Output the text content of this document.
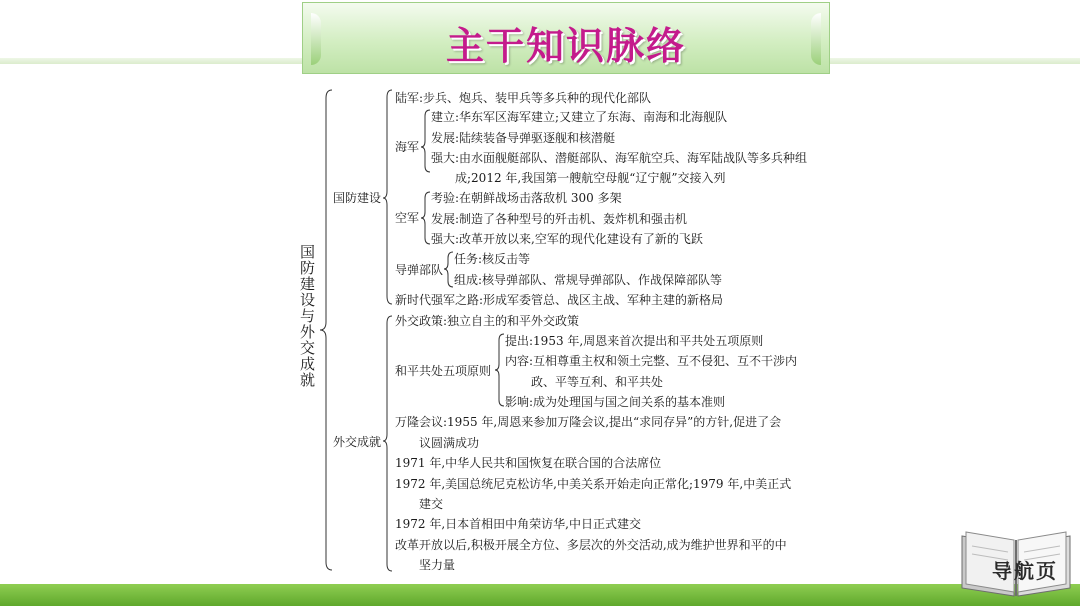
主干知识脉络
国防建设与外交成就
国防建设
陆军:步兵、炮兵、装甲兵等多兵种的现代化部队
海军
建立:华东军区海军建立;又建立了东海、南海和北海舰队
发展:陆续装备导弹驱逐舰和核潜艇
强大:由水面舰艇部队、潜艇部队、海军航空兵、海军陆战队等多兵种组
成;2012 年,我国第一艘航空母舰“辽宁舰”交接入列
空军
考验:在朝鲜战场击落敌机 300 多架
发展:制造了各种型号的歼击机、轰炸机和强击机
强大:改革开放以来,空军的现代化建设有了新的飞跃
导弹部队
任务:核反击等
组成:核导弹部队、常规导弹部队、作战保障部队等
新时代强军之路:形成军委管总、战区主战、军种主建的新格局
外交成就
外交政策:独立自主的和平外交政策
和平共处五项原则
提出:1953 年,周恩来首次提出和平共处五项原则
内容:互相尊重主权和领土完整、互不侵犯、互不干涉内
政、平等互利、和平共处
影响:成为处理国与国之间关系的基本准则
万隆会议:1955 年,周恩来参加万隆会议,提出“求同存异”的方针,促进了会
议圆满成功
1971 年,中华人民共和国恢复在联合国的合法席位
1972 年,美国总统尼克松访华,中美关系开始走向正常化;1979 年,中美正式
建交
1972 年,日本首相田中角荣访华,中日正式建交
改革开放以后,积极开展全方位、多层次的外交活动,成为维护世界和平的中
坚力量	导航页
